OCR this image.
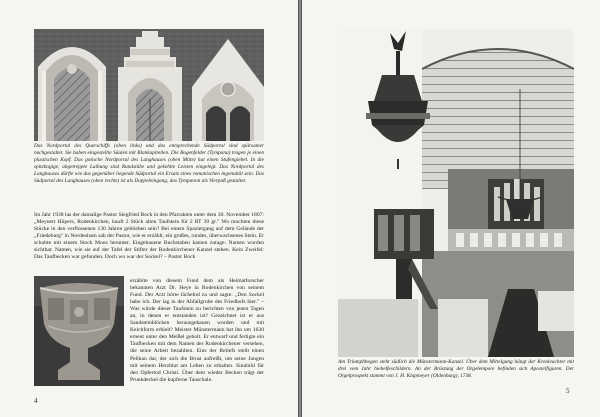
Das Nordportal des Querschiffs (oben links) und das entsprechende Südportal sind spärsamer nachgestaltet. Sie haben eingestellte Säulen mit Blankapitellen. Die Bogenfelder (Tympana) tragen je einen plastischen Kopf. Das gotische Nordportal des Langhauses (oben Mitte) hat einen Stufengiebel. In die spitzbogige, abgetreppte Laibung sind Rundstäbe und gekehlte Leisten eingelegt. Das Nordportal des Langhauses dürfte wie das gegenüber liegende Südportal ein Ersatz eines romanischen ingenuität sein. Das Südportal des Langhauses (oben rechts) ist als Doppeleingang, das Tympanon als Vierpaß gestaltet.
Im Jahr 1938 las der damalige Pastor Siegfried Bock in den Pfarrakten unter dem 30. November 1807: „Meynert Hüpers, Rodenkirchen, kauft 2 Stück alten Taufstein für 2 RT 39 gr." Wo mochten diese Stücke in den verflossenen 130 Jahren geblieben sein? Bei einem Spaziergang auf dem Gelände der „Friedeburg" in Nordenham sah der Pastor, wie er erzählt, ein großes, rundes, überwachsenes Stein. Er schubte mit einem Stock Moos herunter. Eingehauene Buchstaben kamen zutage: Namen wurden sichtbar. Namen, wie sie auf der Tafel der Stifter der Rodenkirchener Kanzel stehen. Kein Zweifel: Das Taufbecken war gefunden. Doch wo war der Sockel? – Pastor Bock
erzählte von diesem Fund dem als Heimatforscher bekannten Arzt Dr. Heye in Rodenkirchen von seinem Fund. Der Arzt hörte lächelnd zu und sagte: „Den Sockel habe ich. Der lag in der Abfallgrube des Friedhofs hier." – Was würde dieser Taufstein zu berichten von jenen Tagen an, in denen er entstanden ist? Gezeichnet ist er aus Sandsteinblöcken herausgehauen worden und mit Kelchform erhielt? Meister Münstermann hat ihn um 1630 erneut unter den Meißel geholt. Er entwarf und fertigte ein Taufbecken mit dem Namen der Rodenkirchener versehen, die seine Arbeit bezahlten. Eins der Reliefs stellt einen Pelikan dar, der sich die Brust aufreißt, um seine Jungen mit seinem Herzblut am Leben zu erhalten. Sinnbild für den Opfertod Christi. Über dem wieder Becken trägt der Prunkdeckel die kupferne Tauschale.
4
Am Triumphbogen steht südlich die Münstermann-Kanzel. Über dem Mittelgang hängt der Kronleuchter mit drei vom Jahr hiehelfeschildern. An der Brüstung der Orgelempore befinden sich Apostelfiguren. Der Orgelprospekt stammt von J. H. Klapmeyer (Oldenburg), 1738.
5
